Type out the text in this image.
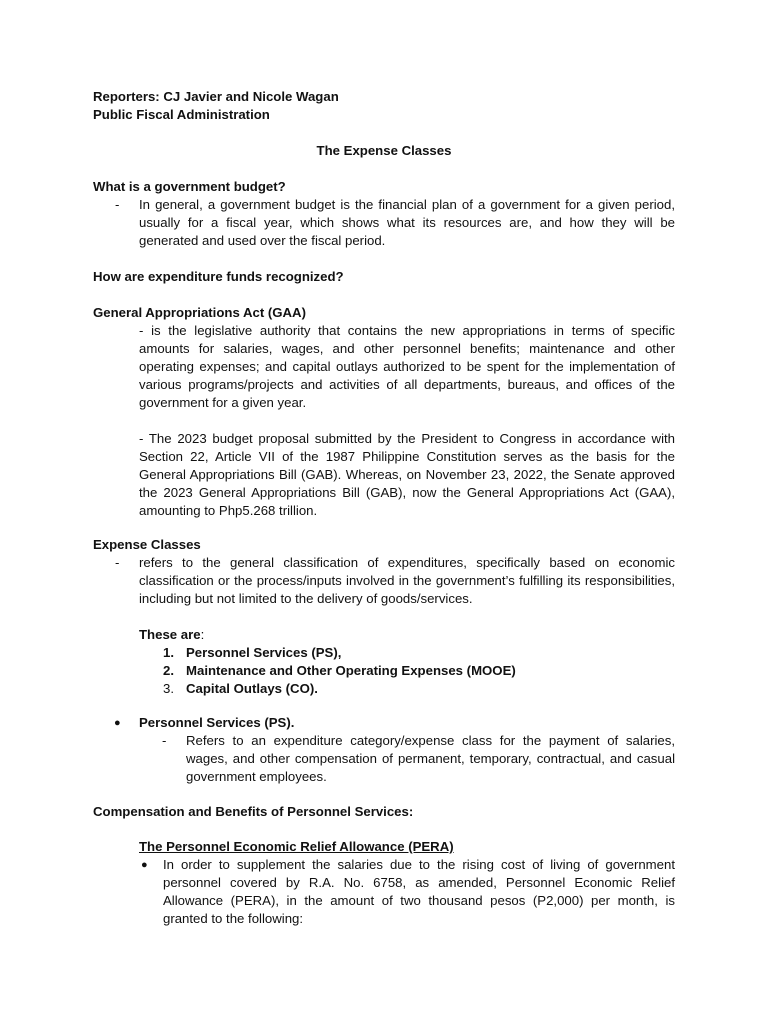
Reporters: CJ Javier and Nicole Wagan
Public Fiscal Administration
The Expense Classes
What is a government budget?
- In general, a government budget is the financial plan of a government for a given period, usually for a fiscal year, which shows what its resources are, and how they will be generated and used over the fiscal period.
How are expenditure funds recognized?
General Appropriations Act (GAA)
- is the legislative authority that contains the new appropriations in terms of specific amounts for salaries, wages, and other personnel benefits; maintenance and other operating expenses; and capital outlays authorized to be spent for the implementation of various programs/projects and activities of all departments, bureaus, and offices of the government for a given year.
- The 2023 budget proposal submitted by the President to Congress in accordance with Section 22, Article VII of the 1987 Philippine Constitution serves as the basis for the General Appropriations Bill (GAB). Whereas, on November 23, 2022, the Senate approved the 2023 General Appropriations Bill (GAB), now the General Appropriations Act (GAA), amounting to Php5.268 trillion.
Expense Classes
- refers to the general classification of expenditures, specifically based on economic classification or the process/inputs involved in the government’s fulfilling its responsibilities, including but not limited to the delivery of goods/services.
These are:
1. Personnel Services (PS),
2. Maintenance and Other Operating Expenses (MOOE)
3. Capital Outlays (CO).
● Personnel Services (PS).
- Refers to an expenditure category/expense class for the payment of salaries, wages, and other compensation of permanent, temporary, contractual, and casual government employees.
Compensation and Benefits of Personnel Services:
The Personnel Economic Relief Allowance (PERA)
● In order to supplement the salaries due to the rising cost of living of government personnel covered by R.A. No. 6758, as amended, Personnel Economic Relief Allowance (PERA), in the amount of two thousand pesos (P2,000) per month, is granted to the following:
